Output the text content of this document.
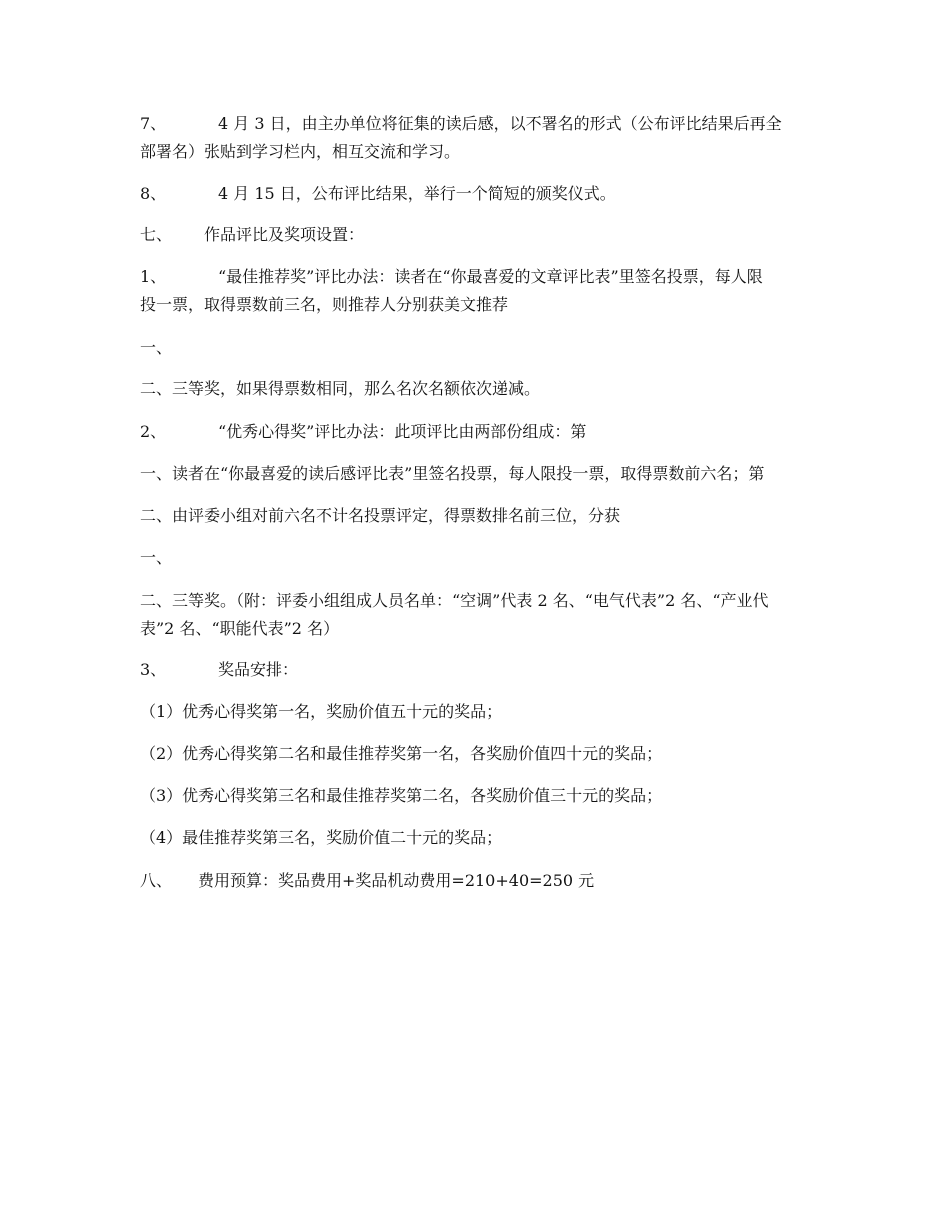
7、	4 月 3 日，由主办单位将征集的读后感，以不署名的形式（公布评比结果后再全
部署名）张贴到学习栏内，相互交流和学习。
8、	4 月 15 日，公布评比结果，举行一个简短的颁奖仪式。
七、 作品评比及奖项设置：
1、	“最佳推荐奖”评比办法：读者在“你最喜爱的文章评比表”里签名投票，每人限
投一票，取得票数前三名，则推荐人分别获美文推荐
一、
二、三等奖，如果得票数相同，那么名次名额依次递减。
2、	“优秀心得奖”评比办法：此项评比由两部份组成：第
一、读者在“你最喜爱的读后感评比表”里签名投票，每人限投一票，取得票数前六名；第
二、由评委小组对前六名不计名投票评定，得票数排名前三位，分获
一、
二、三等奖。（附：评委小组组成人员名单：“空调”代表 2 名、“电气代表”2 名、“产业代
表”2 名、“职能代表”2 名）
3、	奖品安排：
（1）优秀心得奖第一名，奖励价值五十元的奖品；
（2）优秀心得奖第二名和最佳推荐奖第一名，各奖励价值四十元的奖品；
（3）优秀心得奖第三名和最佳推荐奖第二名，各奖励价值三十元的奖品；
（4）最佳推荐奖第三名，奖励价值二十元的奖品；
八、 费用预算：奖品费用+奖品机动费用=210+40=250 元
